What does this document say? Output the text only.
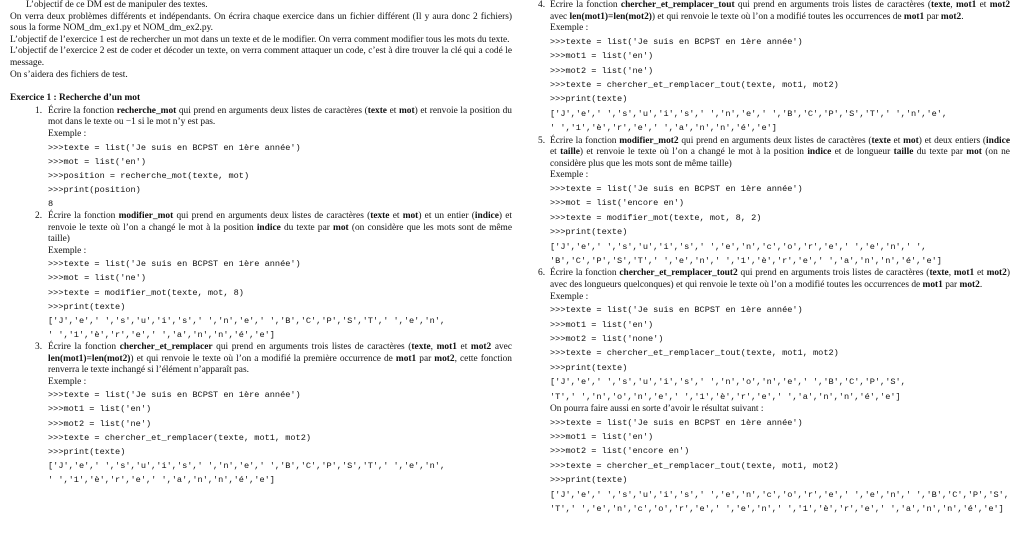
L’objectif de ce DM est de manipuler des textes.

On verra deux problèmes différents et indépendants. On écrira chaque exercice dans un fichier différent (Il y aura donc 2 fichiers) sous la forme NOM_dm_ex1.py et NOM_dm_ex2.py.

L’objectif de l’exercice 1 est de rechercher un mot dans un texte et de le modifier. On verra comment modifier tous les mots du texte.

L’objectif de l’exercice 2 est de coder et décoder un texte, on verra comment attaquer un code, c’est à dire trouver la clé qui a codé le message.

On s’aidera des fichiers de test.

Exercice 1 : Recherche d’un mot

1. Écrire la fonction recherche_mot qui prend en arguments deux listes de caractères (texte et mot) et renvoie la position du mot dans le texte ou −1 si le mot n’y est pas.

Exemple :

>>>texte = list('Je suis en BCPST en 1ère année')
>>>mot = list('en')
>>>position = recherche_mot(texte, mot)
>>>print(position)
8
2. Écrire la fonction modifier_mot qui prend en arguments deux listes de caractères (texte et mot) et un entier (indice) et renvoie le texte où l’on a changé le mot à la position indice du texte par mot (on considère que les mots sont de même taille)

Exemple :

>>>texte = list('Je suis en BCPST en 1ère année')
>>>mot = list('ne')
>>>texte = modifier_mot(texte, mot, 8)
>>>print(texte)
['J','e',' ','s','u','i','s',' ','n','e',' ','B','C','P','S','T',' ','e','n',
' ','1','è','r','e',' ','a','n','n','é','e']
3. Écrire la fonction chercher_et_remplacer qui prend en arguments trois listes de caractères (texte, mot1 et mot2 avec len(mot1)=len(mot2)) et qui renvoie le texte où l’on a modifié la première occurrence de mot1 par mot2, cette fonction renverra le texte inchangé si l’élément n’apparaît pas.

Exemple :

>>>texte = list('Je suis en BCPST en 1ère année')
>>>mot1 = list('en')
>>>mot2 = list('ne')
>>>texte = chercher_et_remplacer(texte, mot1, mot2)
>>>print(texte)
['J','e',' ','s','u','i','s',' ','n','e',' ','B','C','P','S','T',' ','e','n',
' ','1','è','r','e',' ','a','n','n','é','e']
4. Écrire la fonction chercher_et_remplacer_tout qui prend en arguments trois listes de caractères (texte, mot1 et mot2 avec len(mot1)=len(mot2)) et qui renvoie le texte où l’on a modifié toutes les occurrences de mot1 par mot2.

Exemple :

>>>texte = list('Je suis en BCPST en 1ère année')
>>>mot1 = list('en')
>>>mot2 = list('ne')
>>>texte = chercher_et_remplacer_tout(texte, mot1, mot2)
>>>print(texte)
['J','e',' ','s','u','i','s',' ','n','e',' ','B','C','P','S','T',' ','n','e',
' ','1','è','r','e',' ','a','n','n','é','e']
5. Écrire la fonction modifier_mot2 qui prend en arguments deux listes de caractères (texte et mot) et deux entiers (indice et taille) et renvoie le texte où l’on a changé le mot à la position indice et de longueur taille du texte par mot (on ne considère plus que les mots sont de même taille)

Exemple :

>>>texte = list('Je suis en BCPST en 1ère année')
>>>mot = list('encore en')
>>>texte = modifier_mot(texte, mot, 8, 2)
>>>print(texte)
['J','e',' ','s','u','i','s',' ','e','n','c','o','r','e',' ','e','n',' ',
'B','C','P','S','T',' ','e','n',' ','1','è','r','e',' ','a','n','n','é','e']
6. Écrire la fonction chercher_et_remplacer_tout2 qui prend en arguments trois listes de caractères (texte, mot1 et mot2) avec des longueurs quelconques) et qui renvoie le texte où l’on a modifié toutes les occurrences de mot1 par mot2.

Exemple :

>>>texte = list('Je suis en BCPST en 1ère année')
>>>mot1 = list('en')
>>>mot2 = list('none')
>>>texte = chercher_et_remplacer_tout(texte, mot1, mot2)
>>>print(texte)
['J','e',' ','s','u','i','s',' ','n','o','n','e',' ','B','C','P','S',
'T',' ','n','o','n','e',' ','1','è','r','e',' ','a','n','n','é','e']

On pourra faire aussi en sorte d’avoir le résultat suivant :

>>>texte = list('Je suis en BCPST en 1ère année')
>>>mot1 = list('en')
>>>mot2 = list('encore en')
>>>texte = chercher_et_remplacer_tout(texte, mot1, mot2)
>>>print(texte)
['J','e',' ','s','u','i','s',' ','e','n','c','o','r','e',' ','e','n',' ','B','C','P','S',
'T',' ','e','n','c','o','r','e',' ','e','n',' ','1','è','r','e',' ','a','n','n','é','e']
